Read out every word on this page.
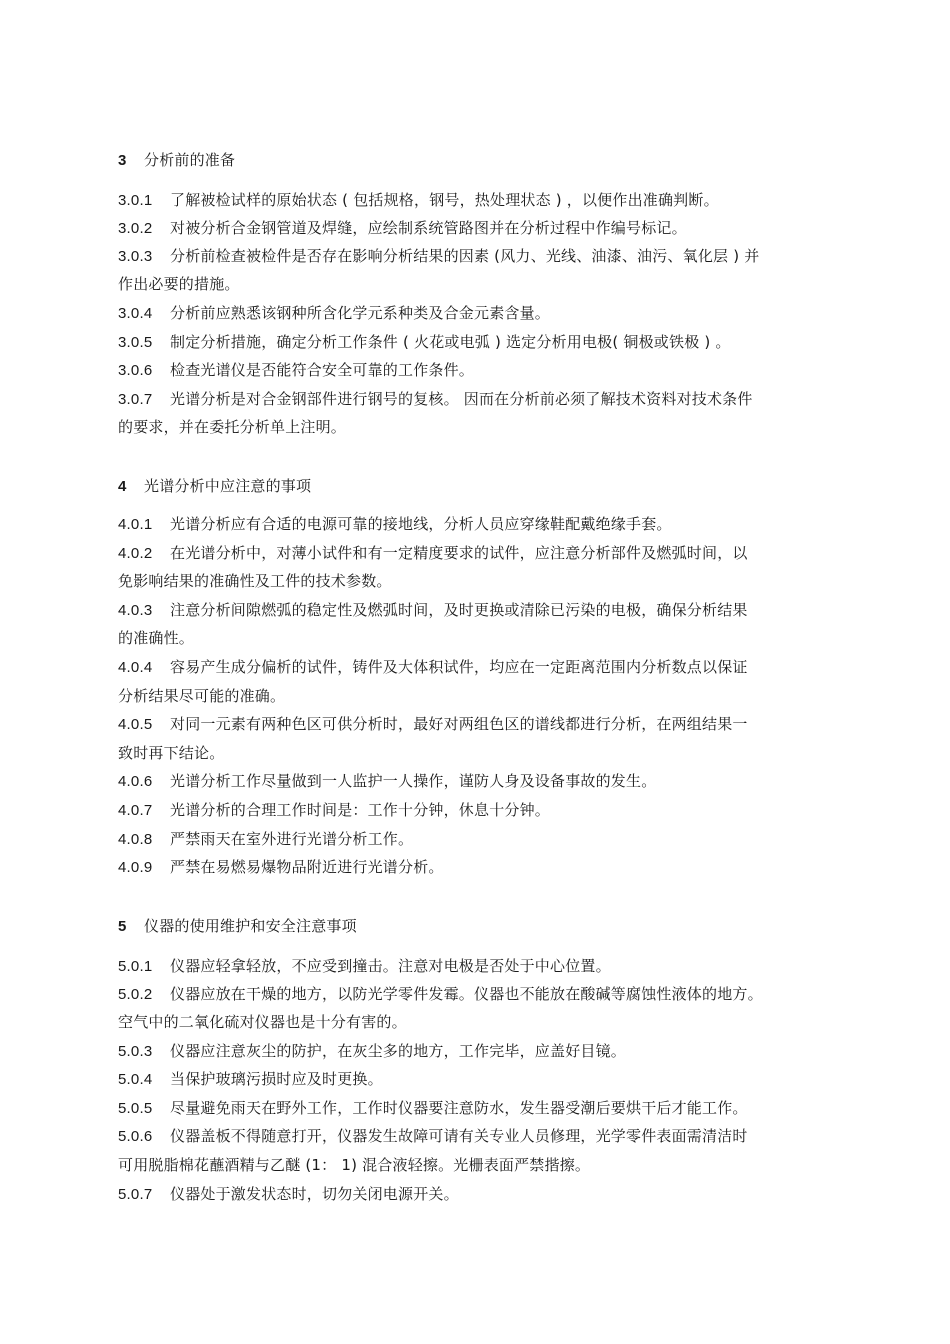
3 分析前的准备
3.0.1 了解被检试样的原始状态 ( 包括规格，钢号，热处理状态 ) ，以便作出准确判断。
3.0.2 对被分析合金钢管道及焊缝，应绘制系统管路图并在分析过程中作编号标记。
3.0.3 分析前检查被检件是否存在影响分析结果的因素 (风力、光线、油漆、油污、氧化层 ) 并
作出必要的措施。
3.0.4 分析前应熟悉该钢种所含化学元系种类及合金元素含量。
3.0.5 制定分析措施，确定分析工作条件 ( 火花或电弧 ) 选定分析用电极( 铜极或铁极 ) 。
3.0.6 检查光谱仪是否能符合安全可靠的工作条件。
3.0.7 光谱分析是对合金钢部件进行钢号的复核。 因而在分析前必须了解技术资料对技术条件
的要求，并在委托分析单上注明。
4 光谱分析中应注意的事项
4.0.1 光谱分析应有合适的电源可靠的接地线，分析人员应穿缘鞋配戴绝缘手套。
4.0.2 在光谱分析中，对薄小试件和有一定精度要求的试件，应注意分析部件及燃弧时间，以
免影响结果的准确性及工件的技术参数。
4.0.3 注意分析间隙燃弧的稳定性及燃弧时间，及时更换或清除已污染的电极，确保分析结果
的准确性。
4.0.4 容易产生成分偏析的试件，铸件及大体积试件，均应在一定距离范围内分析数点以保证
分析结果尽可能的准确。
4.0.5 对同一元素有两种色区可供分析时，最好对两组色区的谱线都进行分析，在两组结果一
致时再下结论。
4.0.6 光谱分析工作尽量做到一人监护一人操作，谨防人身及设备事故的发生。
4.0.7 光谱分析的合理工作时间是：工作十分钟，休息十分钟。
4.0.8 严禁雨天在室外进行光谱分析工作。
4.0.9 严禁在易燃易爆物品附近进行光谱分析。
5 仪器的使用维护和安全注意事项
5.0.1 仪器应轻拿轻放，不应受到撞击。注意对电极是否处于中心位置。
5.0.2 仪器应放在干燥的地方，以防光学零件发霉。仪器也不能放在酸碱等腐蚀性液体的地方。
空气中的二氧化硫对仪器也是十分有害的。
5.0.3 仪器应注意灰尘的防护，在灰尘多的地方，工作完毕，应盖好目镜。
5.0.4 当保护玻璃污损时应及时更换。
5.0.5 尽量避免雨天在野外工作，工作时仪器要注意防水，发生器受潮后要烘干后才能工作。
5.0.6 仪器盖板不得随意打开，仪器发生故障可请有关专业人员修理，光学零件表面需清洁时
可用脱脂棉花蘸酒精与乙醚 (1： 1) 混合液轻擦。光栅表面严禁揩擦。
5.0.7 仪器处于激发状态时，切勿关闭电源开关。
